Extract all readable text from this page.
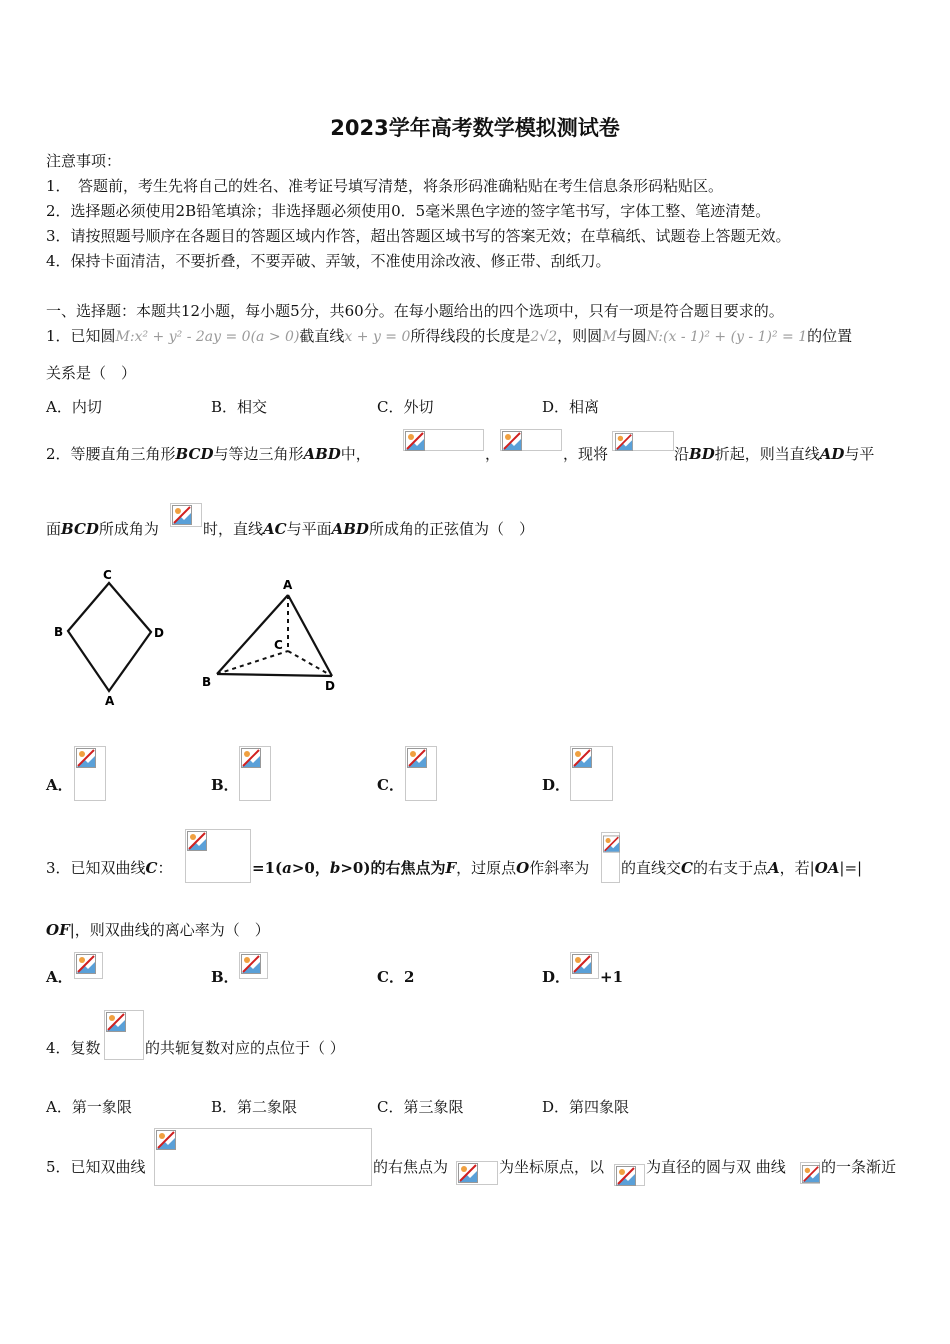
2023学年高考数学模拟测试卷
注意事项：
1．　答题前，考生先将自己的姓名、准考证号填写清楚，将条形码准确粘贴在考生信息条形码粘贴区。
2．选择题必须使用2B铅笔填涂；非选择题必须使用0．5毫米黑色字迹的签字笔书写，字体工整、笔迹清楚。
3．请按照题号顺序在各题目的答题区域内作答，超出答题区域书写的答案无效；在草稿纸、试题卷上答题无效。
4．保持卡面清洁，不要折叠，不要弄破、弄皱，不准使用涂改液、修正带、刮纸刀。
一、选择题：本题共12小题，每小题5分，共60分。在每小题给出的四个选项中，只有一项是符合题目要求的。
1．已知圆M:x² + y² - 2ay = 0(a > 0)截直线x + y = 0所得线段的长度是2√2，则圆M与圆N:(x - 1)² + (y - 1)² = 1的位置
关系是（　）
A．内切	B．相交	C．外切	D．相离
2．等腰直角三角形BCD与等边三角形ABD中，	，	，现将	沿BD折起，则当直线AD与平
面BCD所成角为	时，直线AC与平面ABD所成角的正弦值为（　）
C
B	D
A
A
C
B	D
A．	B．	C．	D．
3．已知双曲线C：	=1(a>0，b>0)的右焦点为F，过原点O作斜率为 的直线交C的右支于点A，若|OA|=|
OF|，则双曲线的离心率为（　）
A．	B．	C．2	D． +1
4．复数	的共轭复数对应的点位于（ ）
A．第一象限	B．第二象限	C．第三象限	D．第四象限
5．已知双曲线	的右焦点为	为坐标原点，以	为直径的圆与双 曲线 的一条渐近
